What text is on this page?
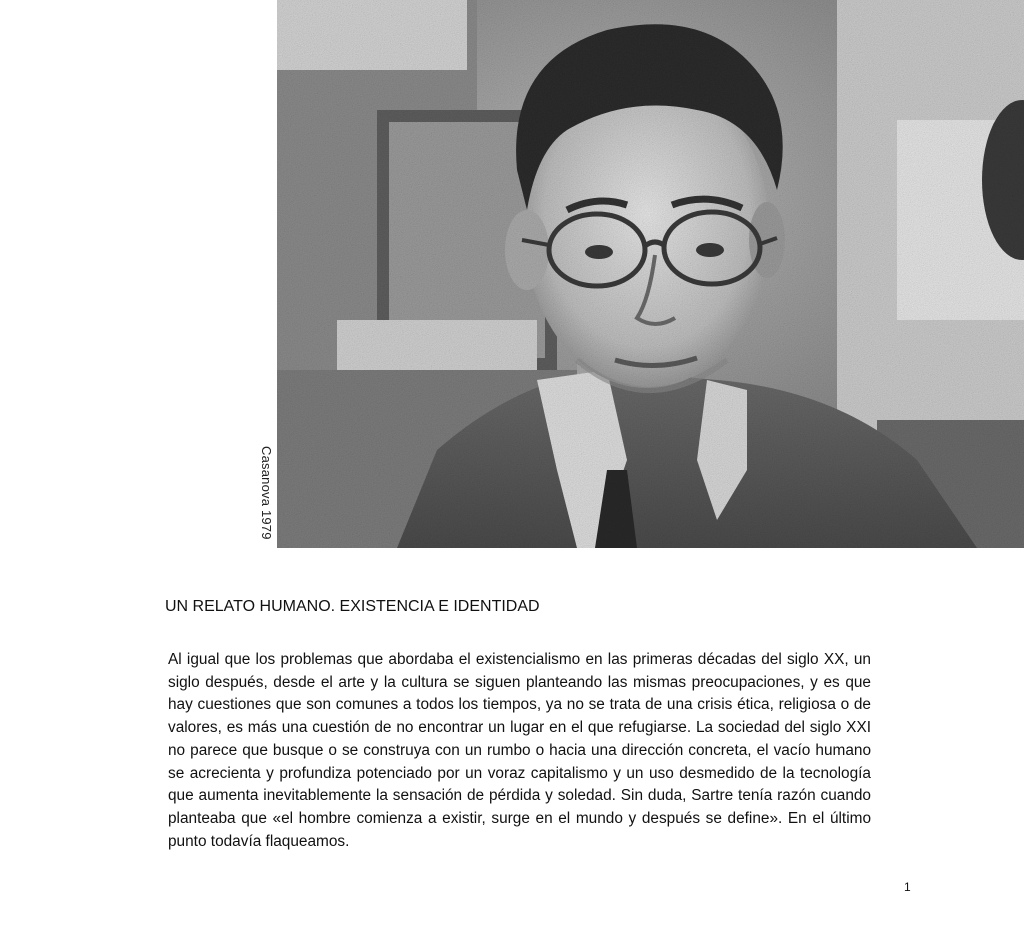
Casanova 1979
UN RELATO HUMANO. EXISTENCIA E IDENTIDAD

Al igual que los problemas que abordaba el existencialismo en las primeras décadas del siglo XX, un siglo después, desde el arte y la cultura se siguen planteando las mismas preocupaciones, y es que hay cuestiones que son comunes a todos los tiempos, ya no se trata de una crisis ética, religiosa o de valores, es más una cuestión de no encontrar un lugar en el que refugiarse. La sociedad del siglo XXI no parece que busque o se construya con un rumbo o hacia una dirección concreta, el vacío humano se acrecienta y profundiza potenciado por un voraz capitalismo y un uso desmedido de la tecnología que aumenta inevitablemente la sensación de pérdida y soledad. Sin duda, Sartre tenía razón cuando planteaba que «el hombre comienza a existir, surge en el mundo y después se define». En el último punto todavía flaqueamos.

1
